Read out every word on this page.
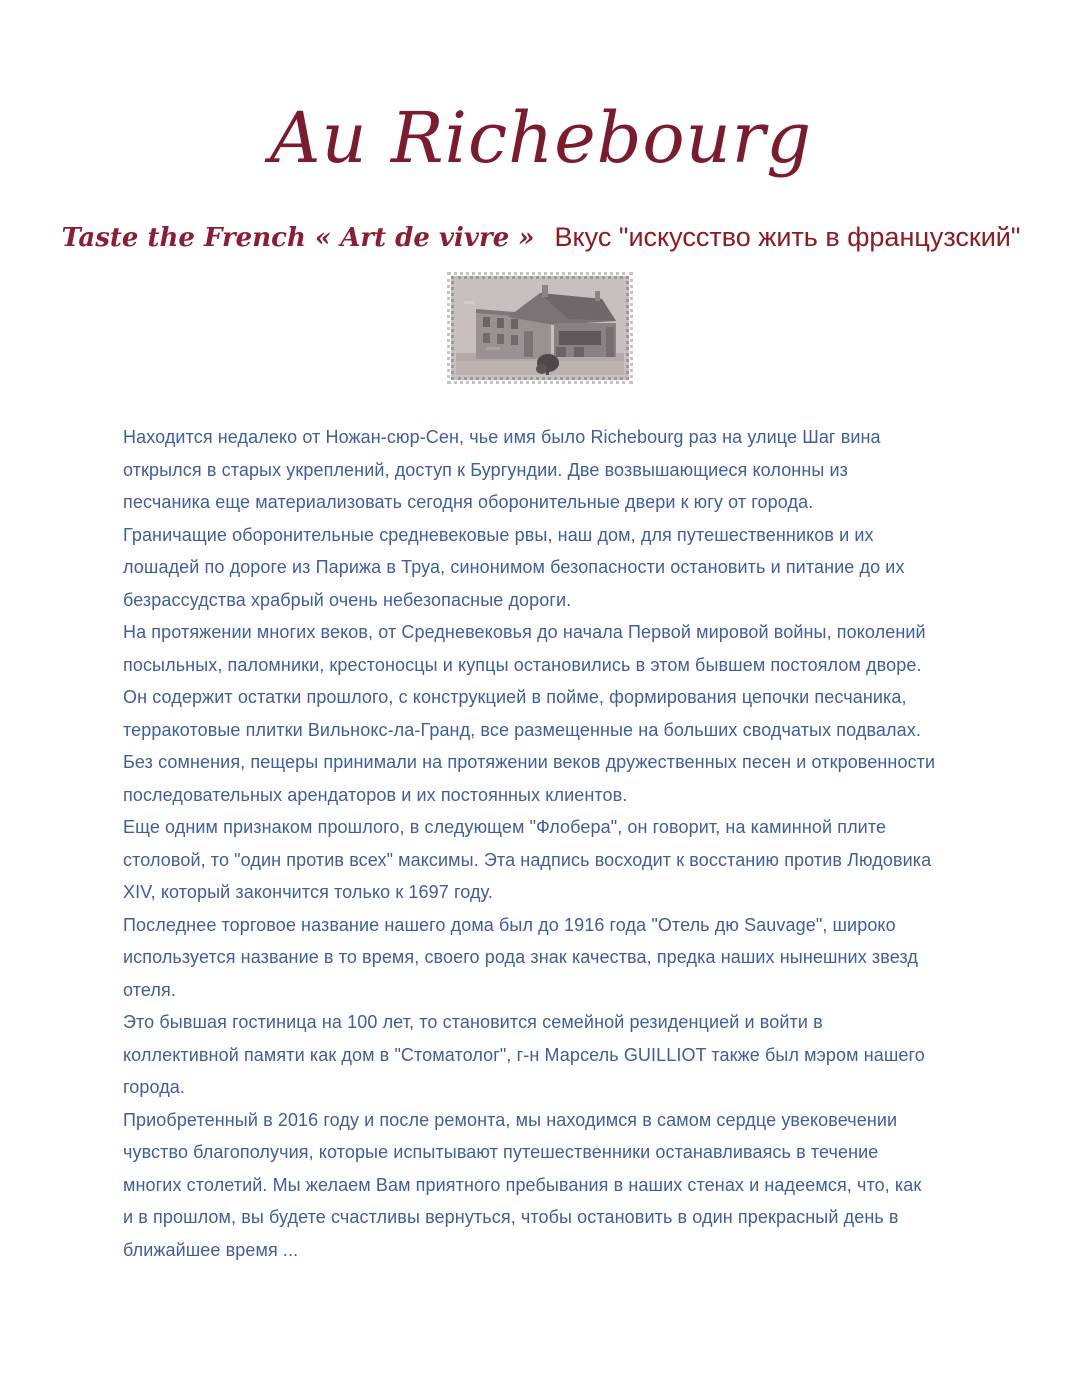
Au Richebourg
Taste the French « Art de vivre » Вкус "искусство жить в французский"
Находится недалеко от Ножан-сюр-Сен, чье имя было Richebourg раз на улице Шаг вина
открылся в старых укреплений, доступ к Бургундии. Две возвышающиеся колонны из
песчаника еще материализовать сегодня оборонительные двери к югу от города.
Граничащие оборонительные средневековые рвы, наш дом, для путешественников и их
лошадей по дороге из Парижа в Труа, синонимом безопасности остановить и питание до их
безрассудства храбрый очень небезопасные дороги.
На протяжении многих веков, от Средневековья до начала Первой мировой войны, поколений
посыльных, паломники, крестоносцы и купцы остановились в этом бывшем постоялом дворе.
Он содержит остатки прошлого, с конструкцией в пойме, формирования цепочки песчаника,
терракотовые плитки Вильнокс-ла-Гранд, все размещенные на больших сводчатых подвалах.
Без сомнения, пещеры принимали на протяжении веков дружественных песен и откровенности
последовательных арендаторов и их постоянных клиентов.
Еще одним признаком прошлого, в следующем "Флобера", он говорит, на каминной плите
столовой, то "один против всех" максимы. Эта надпись восходит к восстанию против Людовика
XIV, который закончится только к 1697 году.
Последнее торговое название нашего дома был до 1916 года "Отель дю Sauvage", широко
используется название в то время, своего рода знак качества, предка наших нынешних звезд
отеля.
Это бывшая гостиница на 100 лет, то становится семейной резиденцией и войти в
коллективной памяти как дом в "Стоматолог", г-н Марсель GUILLIOT также был мэром нашего
города.
Приобретенный в 2016 году и после ремонта, мы находимся в самом сердце увековечении
чувство благополучия, которые испытывают путешественники останавливаясь в течение
многих столетий. Мы желаем Вам приятного пребывания в наших стенах и надеемся, что, как
и в прошлом, вы будете счастливы вернуться, чтобы остановить в один прекрасный день в
ближайшее время ...
